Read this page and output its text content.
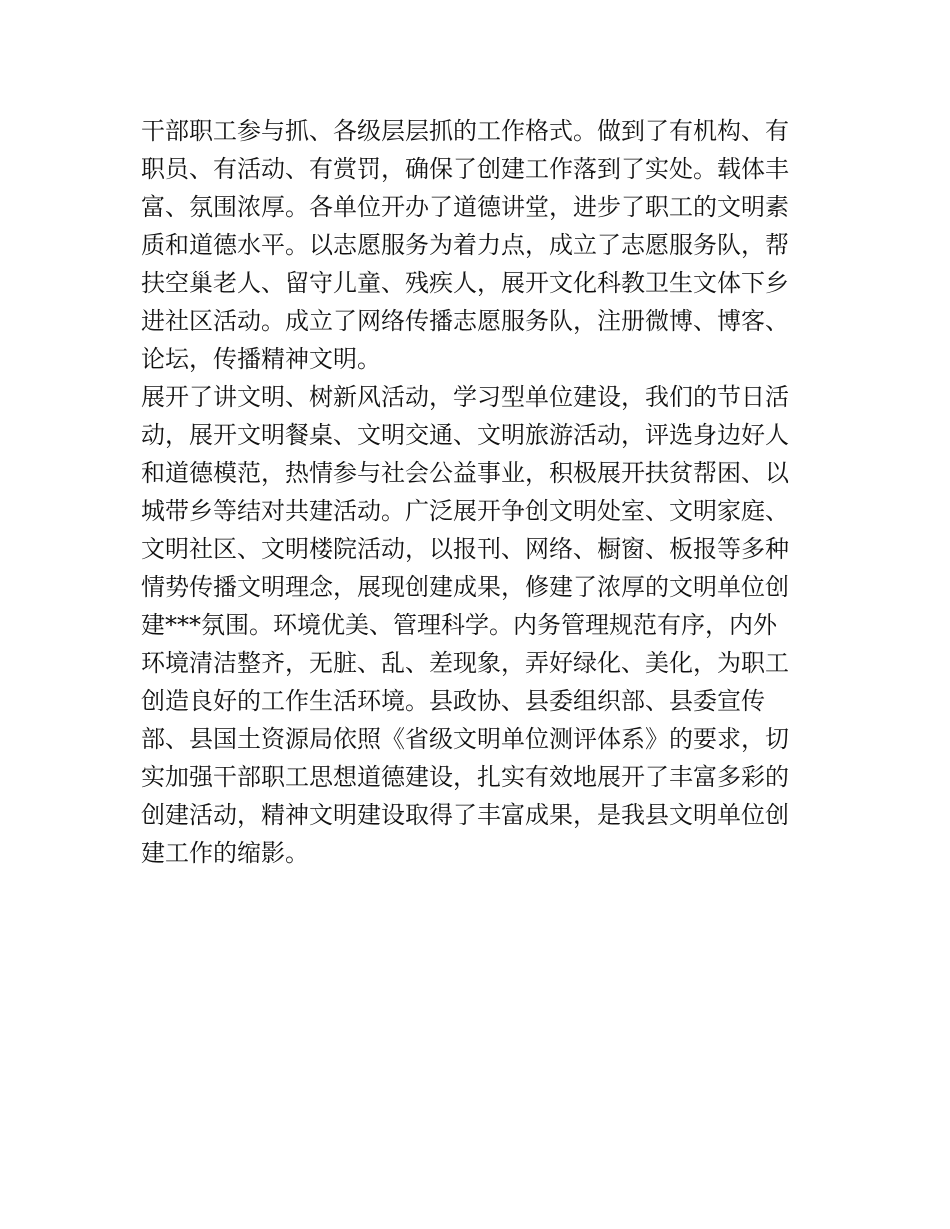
干部职工参与抓、各级层层抓的工作格式。做到了有机构、有
职员、有活动、有赏罚，确保了创建工作落到了实处。载体丰
富、氛围浓厚。各单位开办了道德讲堂，进步了职工的文明素
质和道德水平。以志愿服务为着力点，成立了志愿服务队，帮
扶空巢老人、留守儿童、残疾人，展开文化科教卫生文体下乡
进社区活动。成立了网络传播志愿服务队，注册微博、博客、
论坛，传播精神文明。
展开了讲文明、树新风活动，学习型单位建设，我们的节日活
动，展开文明餐桌、文明交通、文明旅游活动，评选身边好人
和道德模范，热情参与社会公益事业，积极展开扶贫帮困、以
城带乡等结对共建活动。广泛展开争创文明处室、文明家庭、
文明社区、文明楼院活动，以报刊、网络、橱窗、板报等多种
情势传播文明理念，展现创建成果，修建了浓厚的文明单位创
建***氛围。环境优美、管理科学。内务管理规范有序，内外
环境清洁整齐，无脏、乱、差现象，弄好绿化、美化，为职工
创造良好的工作生活环境。县政协、县委组织部、县委宣传
部、县国土资源局依照《省级文明单位测评体系》的要求，切
实加强干部职工思想道德建设，扎实有效地展开了丰富多彩的
创建活动，精神文明建设取得了丰富成果，是我县文明单位创
建工作的缩影。
